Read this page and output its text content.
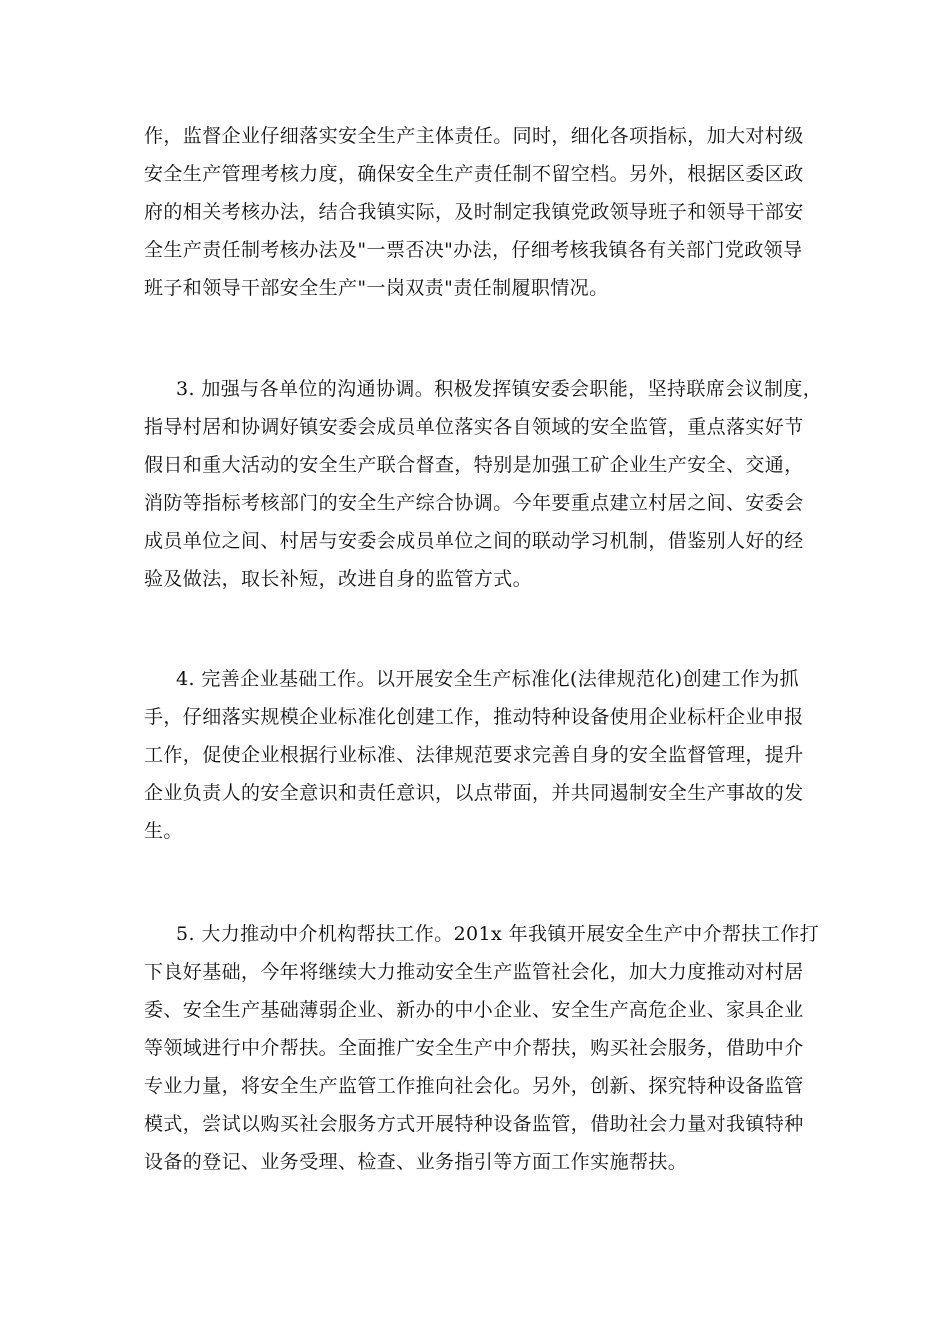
作，监督企业仔细落实安全生产主体责任。同时，细化各项指标，加大对村级
安全生产管理考核力度，确保安全生产责任制不留空档。另外，根据区委区政
府的相关考核办法，结合我镇实际，及时制定我镇党政领导班子和领导干部安
全生产责任制考核办法及"一票否决"办法，仔细考核我镇各有关部门党政领导
班子和领导干部安全生产"一岗双责"责任制履职情况。
3. 加强与各单位的沟通协调。积极发挥镇安委会职能，坚持联席会议制度，
指导村居和协调好镇安委会成员单位落实各自领域的安全监管，重点落实好节
假日和重大活动的安全生产联合督查，特别是加强工矿企业生产安全、交通，
消防等指标考核部门的安全生产综合协调。今年要重点建立村居之间、安委会
成员单位之间、村居与安委会成员单位之间的联动学习机制，借鉴别人好的经
验及做法，取长补短，改进自身的监管方式。
4. 完善企业基础工作。以开展安全生产标准化(法律规范化)创建工作为抓
手，仔细落实规模企业标准化创建工作，推动特种设备使用企业标杆企业申报
工作，促使企业根据行业标准、法律规范要求完善自身的安全监督管理，提升
企业负责人的安全意识和责任意识，以点带面，并共同遏制安全生产事故的发
生。
5. 大力推动中介机构帮扶工作。201x 年我镇开展安全生产中介帮扶工作打
下良好基础，今年将继续大力推动安全生产监管社会化，加大力度推动对村居
委、安全生产基础薄弱企业、新办的中小企业、安全生产高危企业、家具企业
等领域进行中介帮扶。全面推广安全生产中介帮扶，购买社会服务，借助中介
专业力量，将安全生产监管工作推向社会化。另外，创新、探究特种设备监管
模式，尝试以购买社会服务方式开展特种设备监管，借助社会力量对我镇特种
设备的登记、业务受理、检查、业务指引等方面工作实施帮扶。
